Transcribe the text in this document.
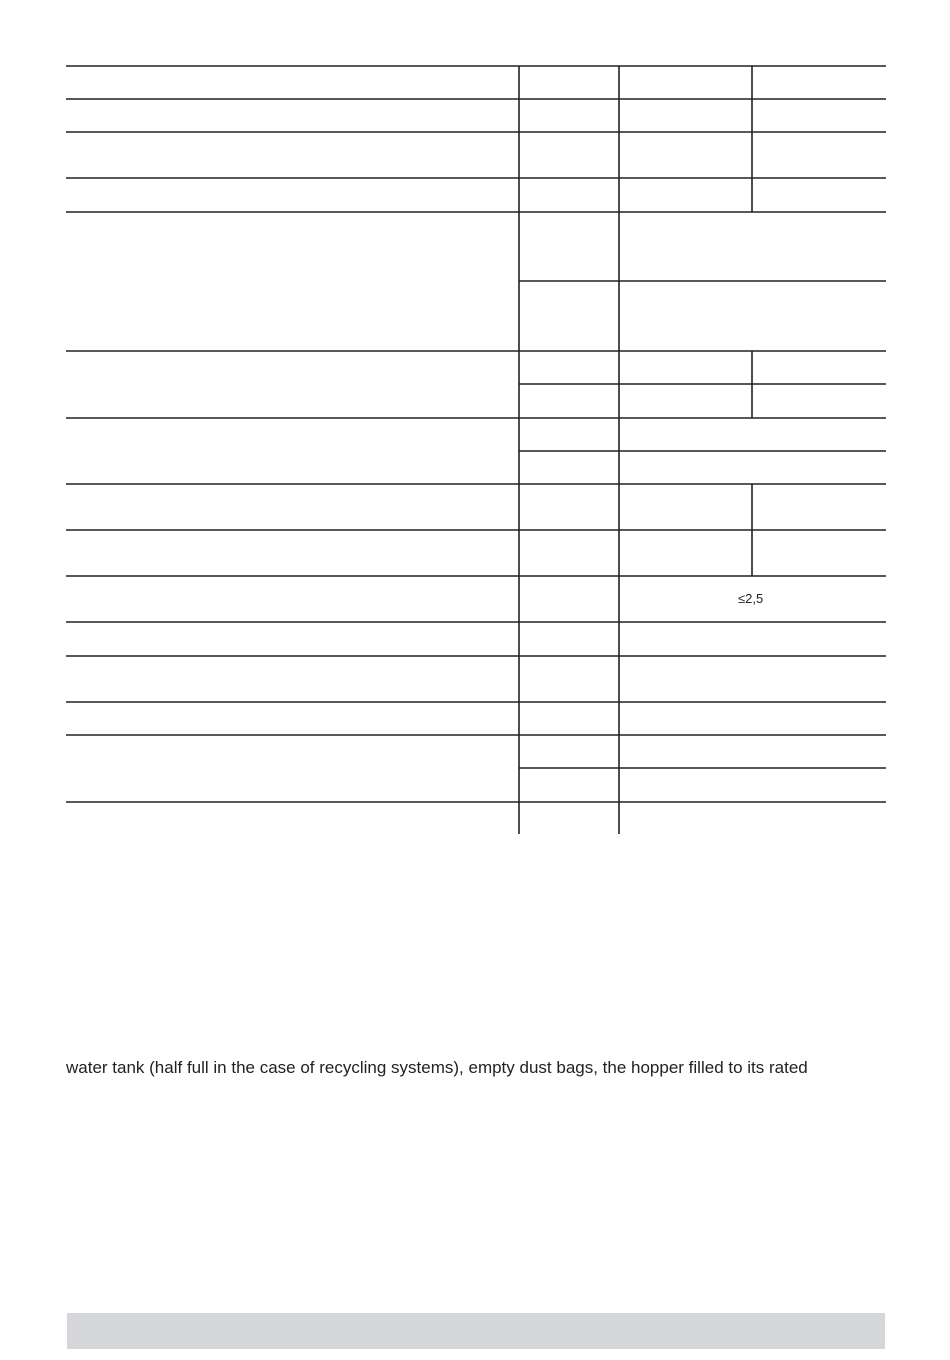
≤2,5
water tank (half full in the case of recycling systems), empty dust bags, the hopper filled to its rated
